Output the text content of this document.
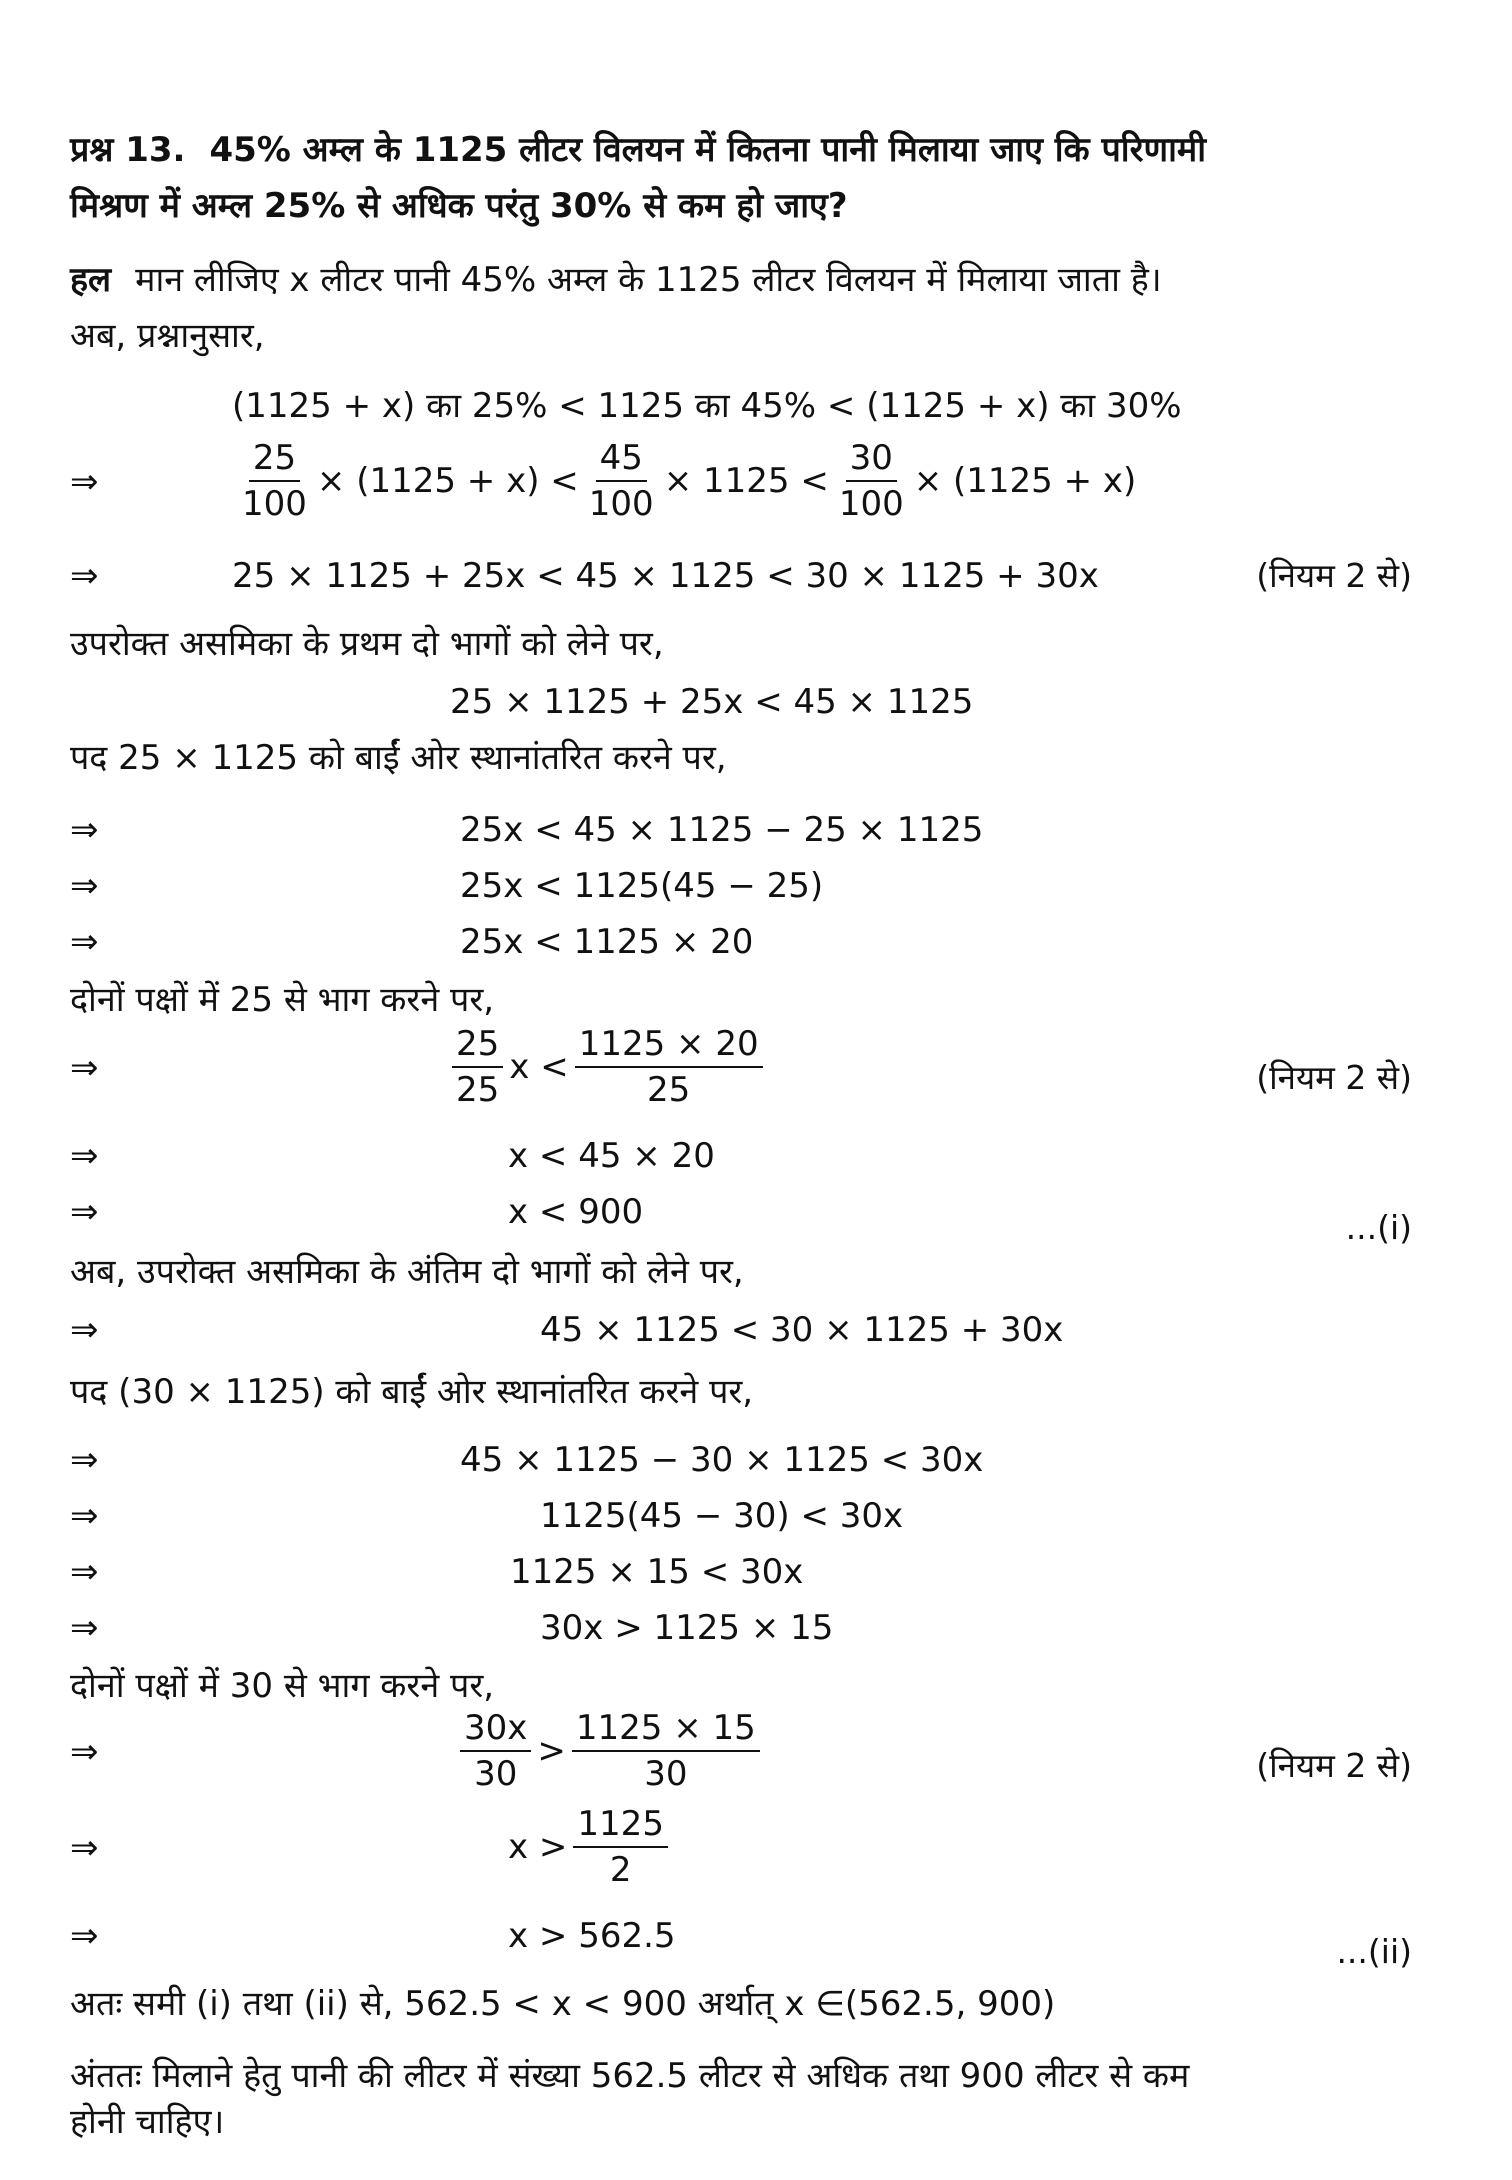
प्रश्न 13. 45% अम्ल के 1125 लीटर विलयन में कितना पानी मिलाया जाए कि परिणामी
मिश्रण में अम्ल 25% से अधिक परंतु 30% से कम हो जाए?
हल मान लीजिए x लीटर पानी 45% अम्ल के 1125 लीटर विलयन में मिलाया जाता है।
अब, प्रश्नानुसार,
(1125 + x) का 25% < 1125 का 45% < (1125 + x) का 30%
⇒	$\frac{25}{100} \times (1125 + x) < \frac{45}{100} \times 1125 < \frac{30}{100} \times (1125 + x)$
⇒	25 × 1125 + 25x < 45 × 1125 < 30 × 1125 + 30x	(नियम 2 से)
उपरोक्त असमिका के प्रथम दो भागों को लेने पर,
25 × 1125 + 25x < 45 × 1125
पद 25 × 1125 को बाईं ओर स्थानांतरित करने पर,
⇒	25x < 45 × 1125 − 25 × 1125
⇒	25x < 1125(45 − 25)
⇒	25x < 1125 × 20
दोनों पक्षों में 25 से भाग करने पर,
⇒	$\frac{25}{25}$ $x < \frac{1125 \times 20}{25}$	(नियम 2 से)
⇒	x < 45 × 20
⇒	x < 900	...(i)
अब, उपरोक्त असमिका के अंतिम दो भागों को लेने पर,
⇒	45 × 1125 < 30 × 1125 + 30x
पद (30 × 1125) को बाईं ओर स्थानांतरित करने पर,
⇒	45 × 1125 − 30 × 1125 < 30x
⇒	1125(45 − 30) < 30x
⇒	1125 × 15 < 30x
⇒	30x > 1125 × 15
दोनों पक्षों में 30 से भाग करने पर,
⇒	$\frac{30x}{30} > \frac{1125 \times 15}{30}$	(नियम 2 से)
⇒	$x > \frac{1125}{2}$
⇒	x > 562.5	...(ii)
अतः समी (i) तथा (ii) से, 562.5 < x < 900 अर्थात् x ∈(562.5, 900)
अंततः मिलाने हेतु पानी की लीटर में संख्या 562.5 लीटर से अधिक तथा 900 लीटर से कम
होनी चाहिए।
